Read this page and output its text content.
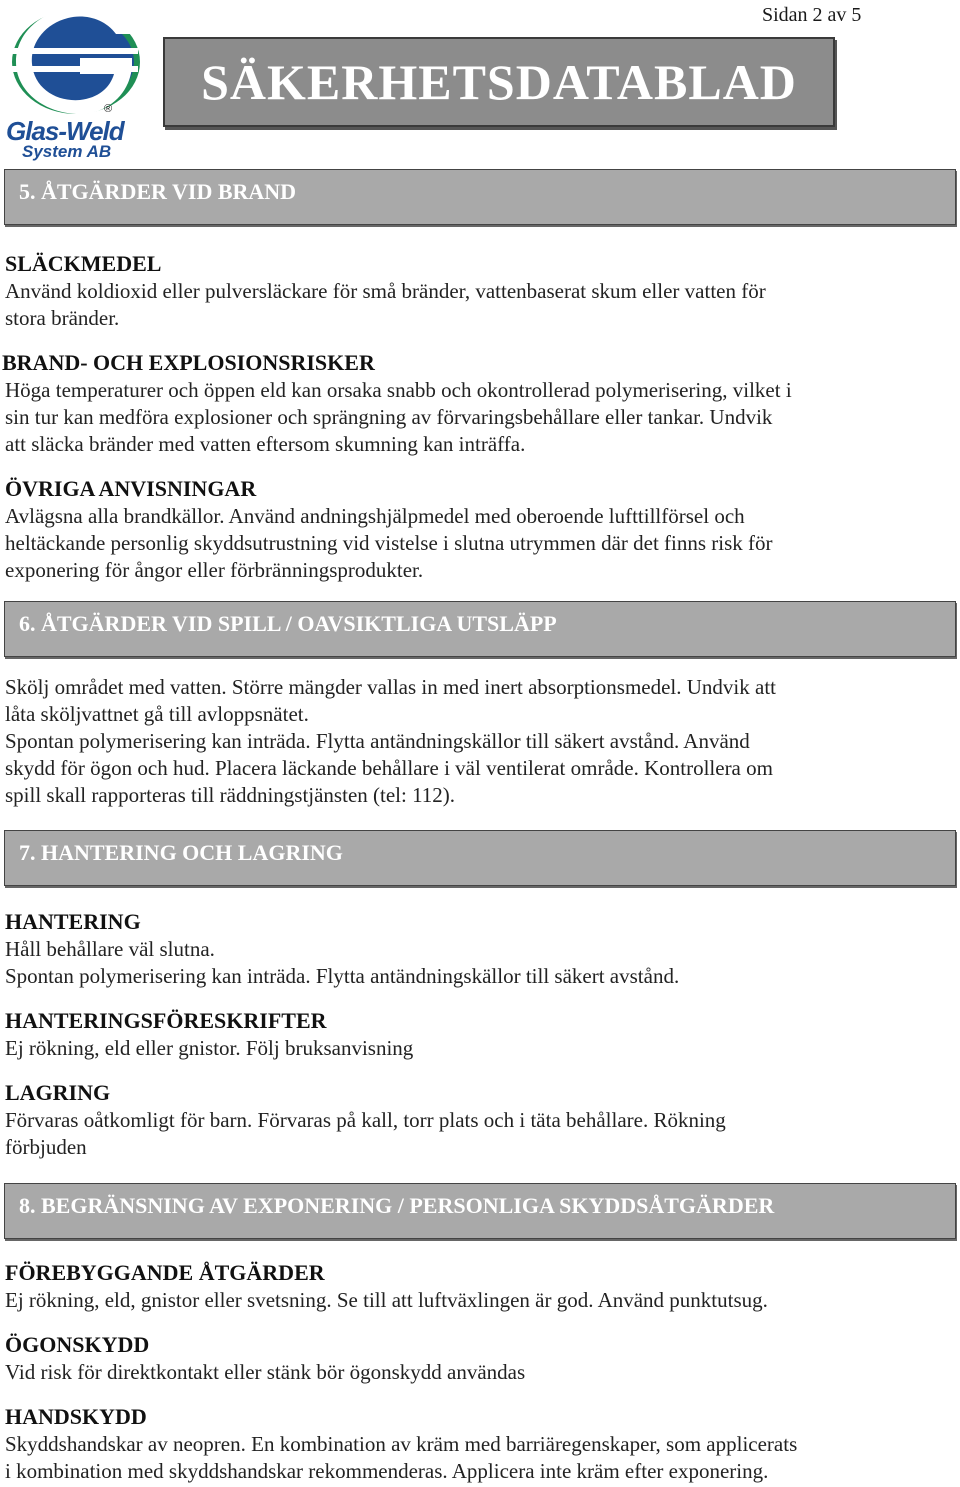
Sidan 2 av 5
®
Glas-Weld
System AB
SÄKERHETSDATABLAD
5. ÅTGÄRDER VID BRAND
SLÄCKMEDEL
Använd koldioxid eller pulversläckare för små bränder, vattenbaserat skum eller vatten för
stora bränder.
BRAND- OCH EXPLOSIONSRISKER
Höga temperaturer och öppen eld kan orsaka snabb och okontrollerad polymerisering, vilket i
sin tur kan medföra explosioner och sprängning av förvaringsbehållare eller tankar. Undvik
att släcka bränder med vatten eftersom skumning kan inträffa.
ÖVRIGA ANVISNINGAR
Avlägsna alla brandkällor. Använd andningshjälpmedel med oberoende lufttillförsel och
heltäckande personlig skyddsutrustning vid vistelse i slutna utrymmen där det finns risk för
exponering för ångor eller förbränningsprodukter.
6. ÅTGÄRDER VID SPILL / OAVSIKTLIGA UTSLÄPP
Skölj området med vatten. Större mängder vallas in med inert absorptionsmedel. Undvik att
låta sköljvattnet gå till avloppsnätet.
Spontan polymerisering kan inträda. Flytta antändningskällor till säkert avstånd. Använd
skydd för ögon och hud. Placera läckande behållare i väl ventilerat område. Kontrollera om
spill skall rapporteras till räddningstjänsten (tel: 112).
7. HANTERING OCH LAGRING
HANTERING
Håll behållare väl slutna.
Spontan polymerisering kan inträda. Flytta antändningskällor till säkert avstånd.
HANTERINGSFÖRESKRIFTER
Ej rökning, eld eller gnistor. Följ bruksanvisning
LAGRING
Förvaras oåtkomligt för barn. Förvaras på kall, torr plats och i täta behållare. Rökning
förbjuden
8. BEGRÄNSNING AV EXPONERING / PERSONLIGA SKYDDSÅTGÄRDER
FÖREBYGGANDE ÅTGÄRDER
Ej rökning, eld, gnistor eller svetsning. Se till att luftväxlingen är god. Använd punktutsug.
ÖGONSKYDD
Vid risk för direktkontakt eller stänk bör ögonskydd användas
HANDSKYDD
Skyddshandskar av neopren. En kombination av kräm med barriäregenskaper, som applicerats
i kombination med skyddshandskar rekommenderas. Applicera inte kräm efter exponering.
